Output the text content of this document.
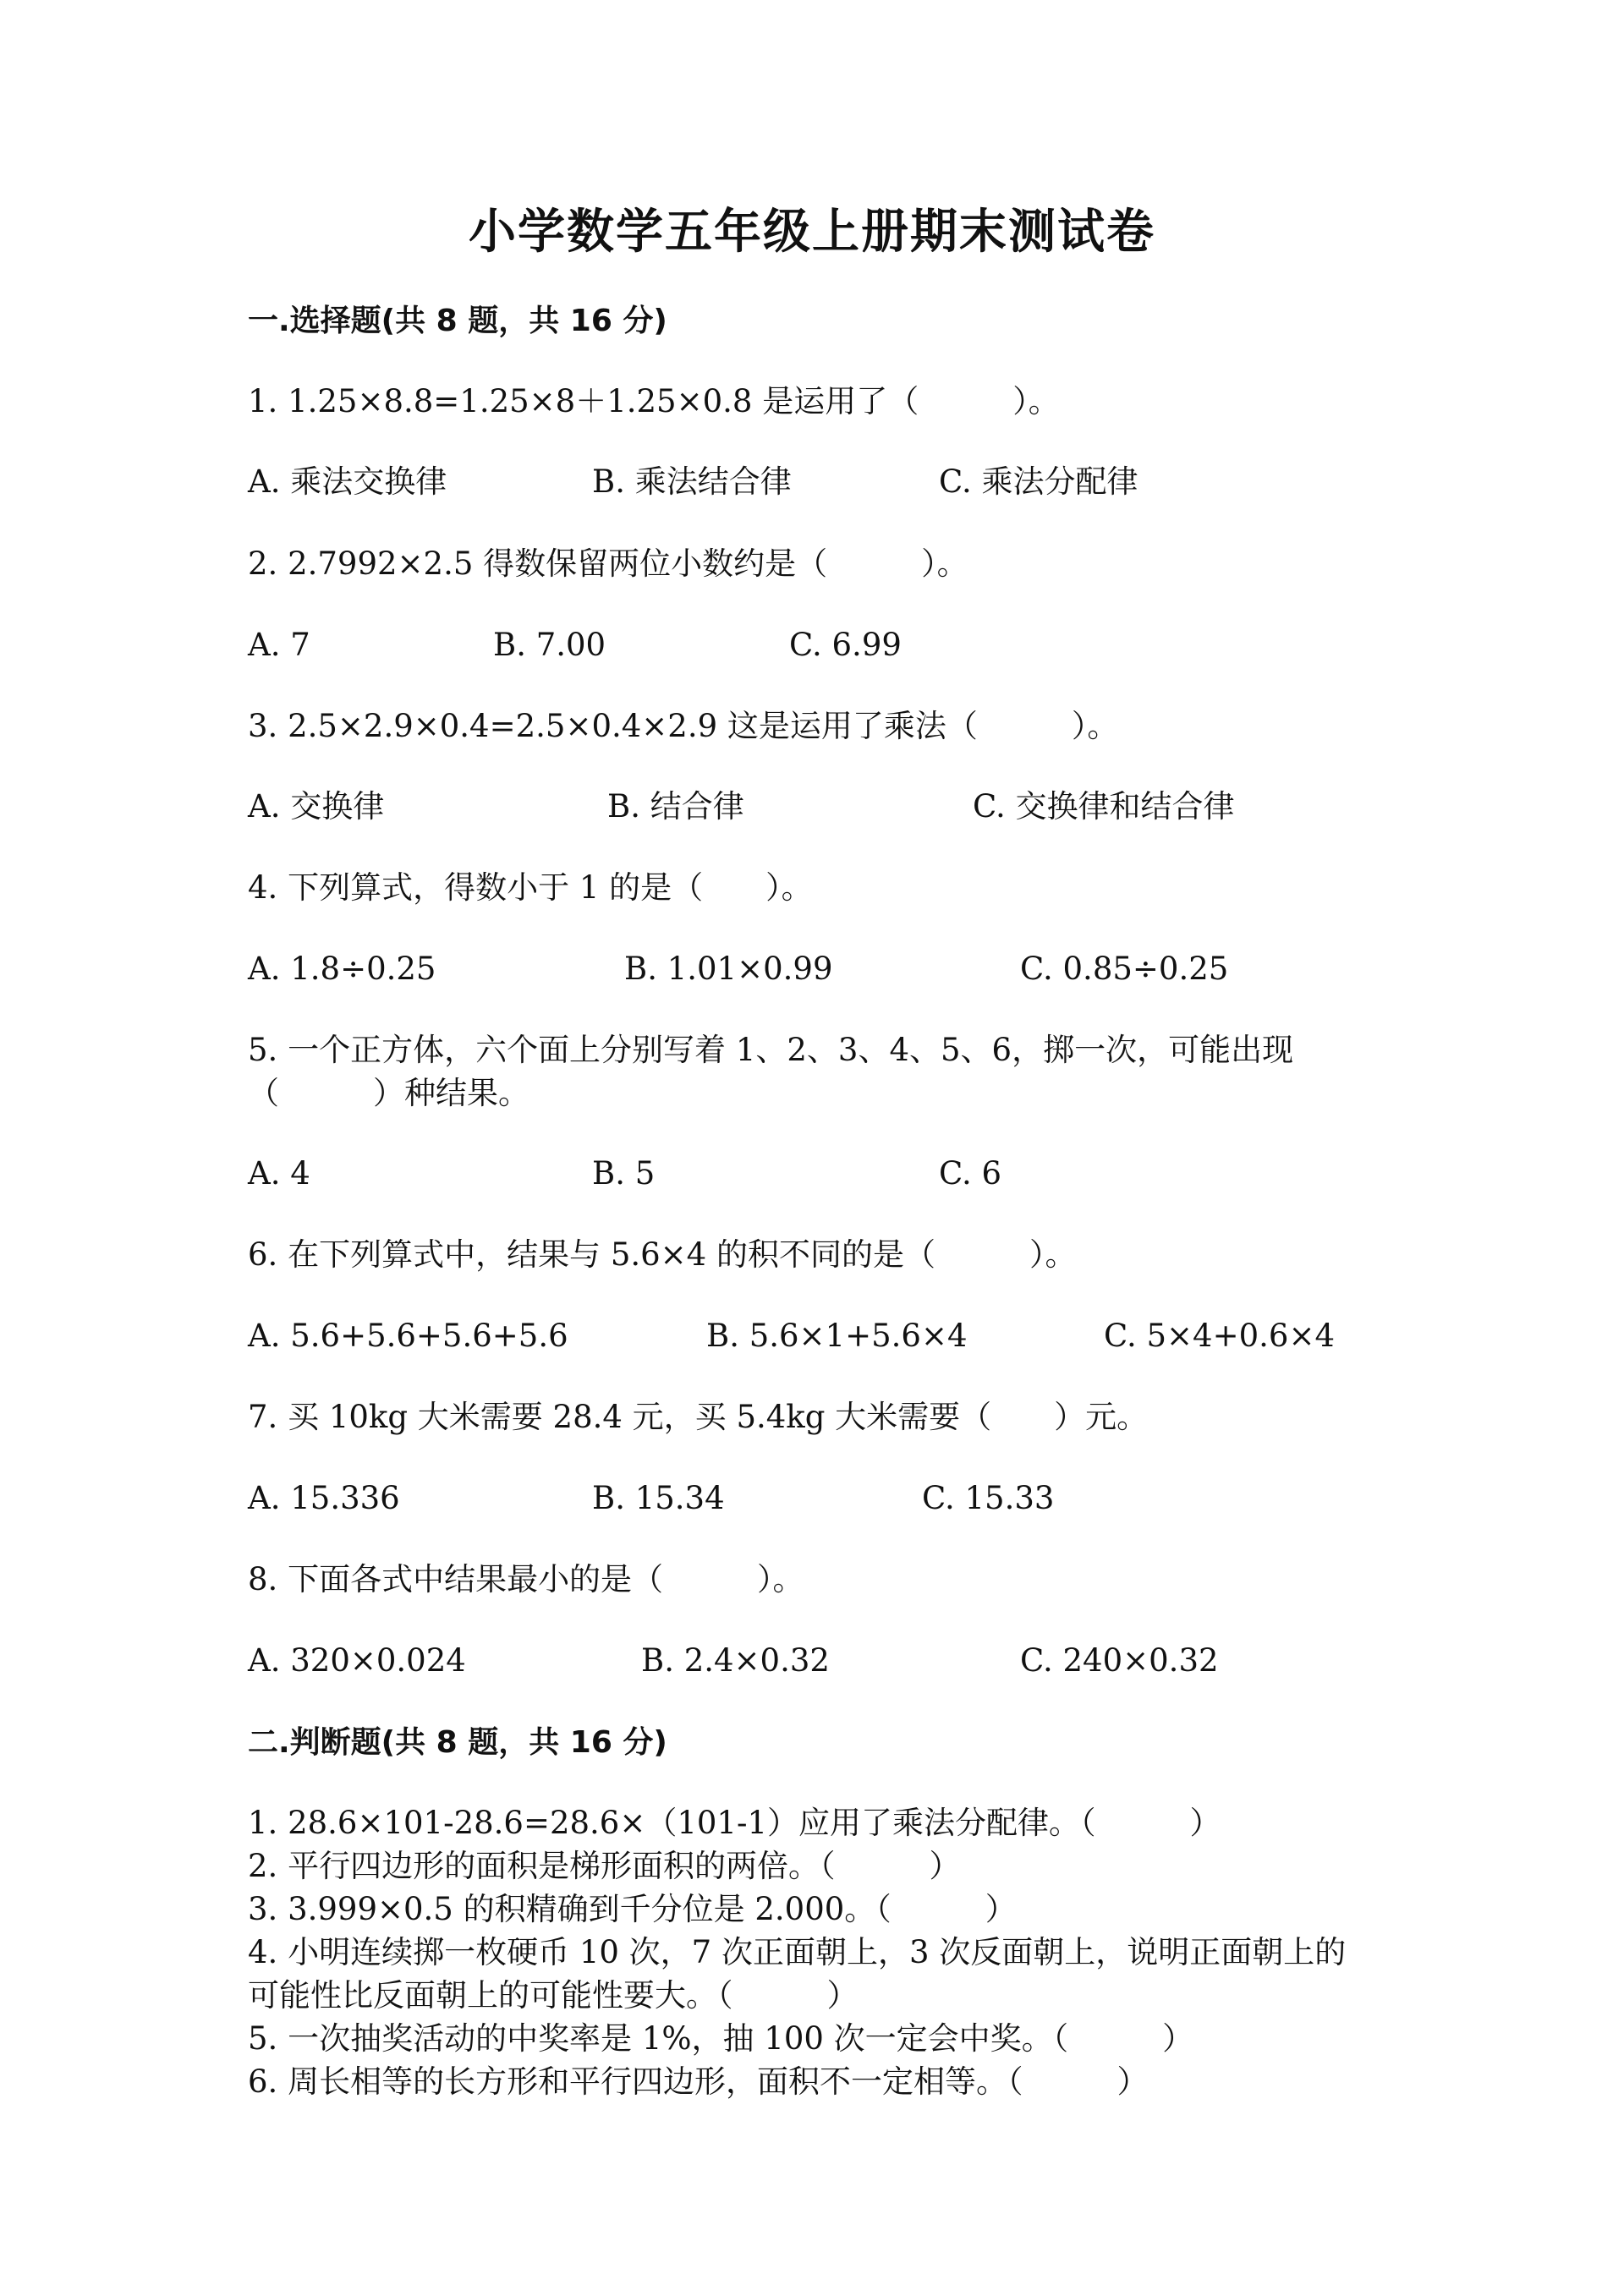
小学数学五年级上册期末测试卷
一.选择题(共 8 题，共 16 分)
1. 1.25×8.8=1.25×8＋1.25×0.8 是运用了（　　　）。
A. 乘法交换律	B. 乘法结合律	C. 乘法分配律
2. 2.7992×2.5 得数保留两位小数约是（　　　）。
A. 7	B. 7.00	C. 6.99
3. 2.5×2.9×0.4=2.5×0.4×2.9 这是运用了乘法（　　　）。
A. 交换律	B. 结合律	C. 交换律和结合律
4. 下列算式，得数小于 1 的是（　　）。
A. 1.8÷0.25	B. 1.01×0.99	C. 0.85÷0.25
5. 一个正方体，六个面上分别写着 1、2、3、4、5、6，掷一次，可能出现
（　　　）种结果。
A. 4	B. 5	C. 6
6. 在下列算式中，结果与 5.6×4 的积不同的是（　　　）。
A. 5.6+5.6+5.6+5.6	B. 5.6×1+5.6×4	C. 5×4+0.6×4
7. 买 10kg 大米需要 28.4 元，买 5.4kg 大米需要（　　）元。
A. 15.336	B. 15.34	C. 15.33
8. 下面各式中结果最小的是（　　　）。
A. 320×0.024	B. 2.4×0.32	C. 240×0.32
二.判断题(共 8 题，共 16 分)
1. 28.6×101-28.6=28.6×（101-1）应用了乘法分配律。（　　　）
2. 平行四边形的面积是梯形面积的两倍。（　　　）
3. 3.999×0.5 的积精确到千分位是 2.000。（　　　）
4. 小明连续掷一枚硬币 10 次，7 次正面朝上，3 次反面朝上，说明正面朝上的
可能性比反面朝上的可能性要大。（　　　）
5. 一次抽奖活动的中奖率是 1%，抽 100 次一定会中奖。（　　　）
6. 周长相等的长方形和平行四边形，面积不一定相等。（　　　）
